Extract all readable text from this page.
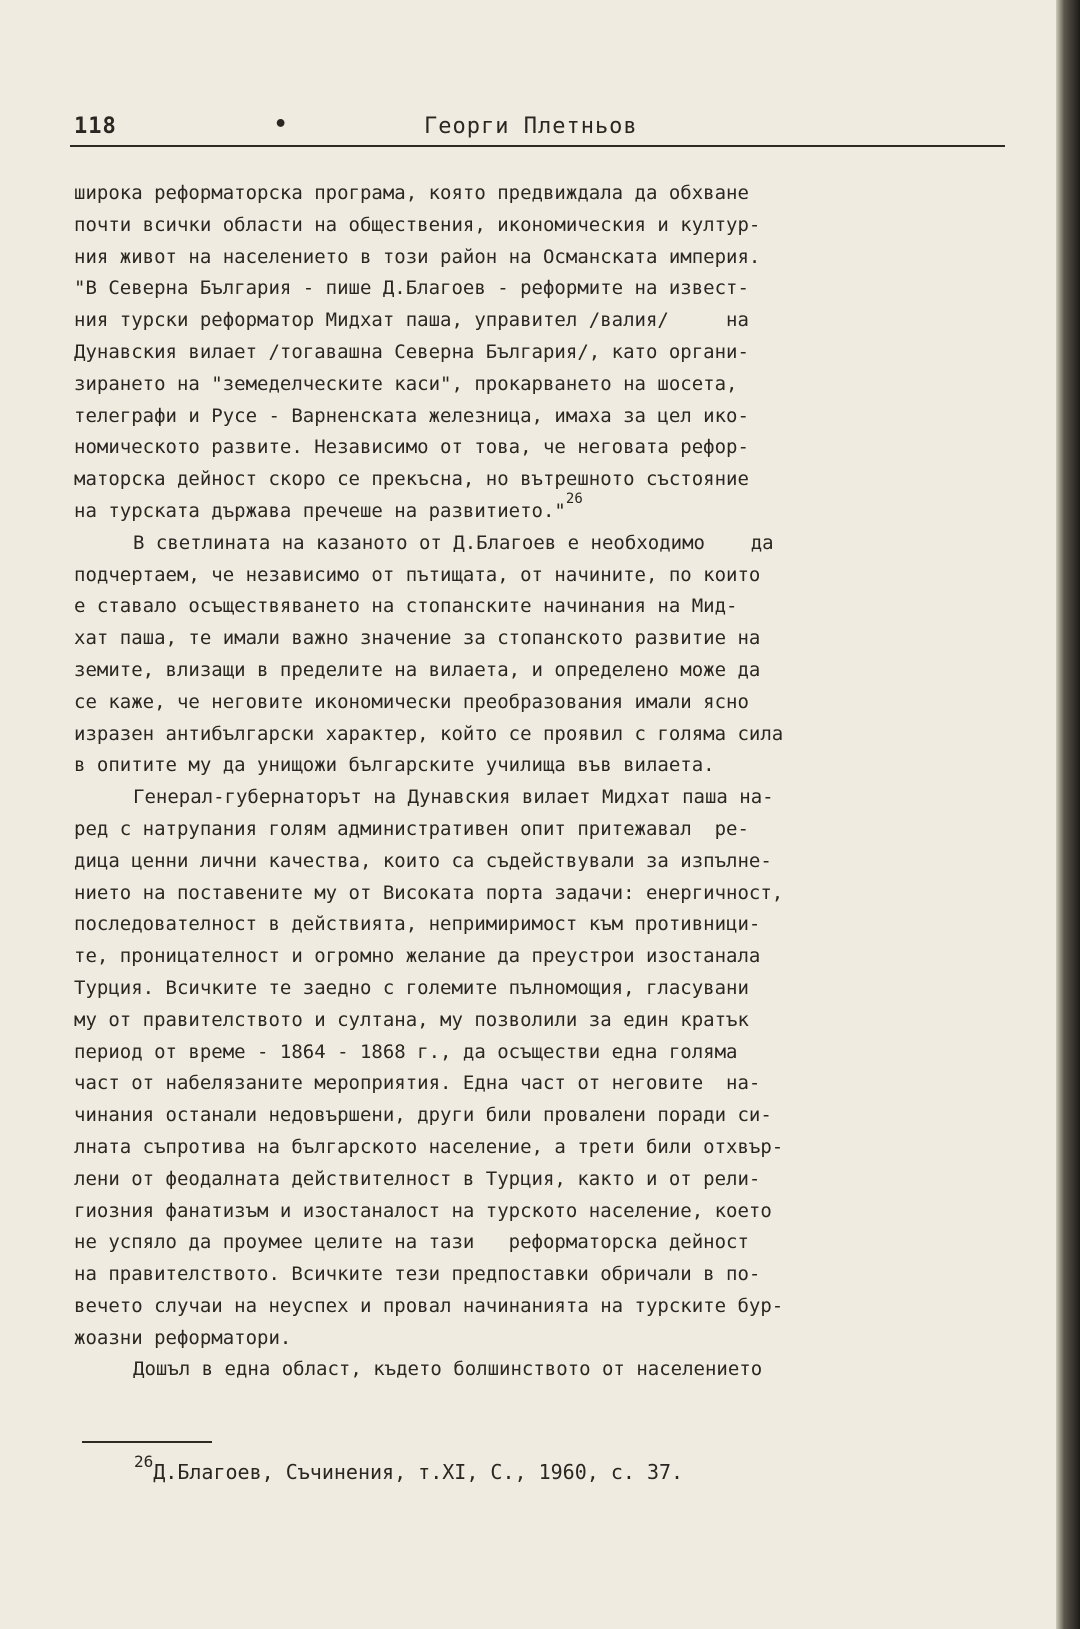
118	•	Георги Плетньов
широка реформаторска програма, която предвиждала да обхване
почти всички области на обществения, икономическия и култур-
ния живот на населението в този район на Османската империя.
"В Северна България - пише Д.Благоев - реформите на извест-
ния турски реформатор Мидхат паша, управител /валия/     на
Дунавския вилает /тогавашна Северна България/, като органи-
зирането на "земеделческите каси", прокарването на шосета,
телеграфи и Русе - Варненската железница, имаха за цел ико-
номическото развите. Независимо от това, че неговата рефор-
маторска дейност скоро се прекъсна, но вътрешното състояние
на турската държава пречеше на развитието."$^{26}$
В светлината на казаното от Д.Благоев е необходимо    да
подчертаем, че независимо от пътищата, от начините, по които
е ставало осъществяването на стопанските начинания на Мид-
хат паша, те имали важно значение за стопанското развитие на
земите, влизащи в пределите на вилаета, и определено може да
се каже, че неговите икономически преобразования имали ясно
изразен антибългарски характер, който се проявил с голяма сила
в опитите му да унищожи българските училища във вилаета.
Генерал-губернаторът на Дунавския вилает Мидхат паша на-
ред с натрупания голям административен опит притежавал  ре-
дица ценни лични качества, които са съдействували за изпълне-
нието на поставените му от Високата порта задачи: енергичност,
последователност в действията, непримиримост към противници-
те, проницателност и огромно желание да преустрои изостанала
Турция. Всичките те заедно с големите пълномощия, гласувани
му от правителството и султана, му позволили за един кратък
период от време - 1864 - 1868 г., да осъществи една голяма
част от набелязаните мероприятия. Една част от неговите  на-
чинания останали недовършени, други били провалени поради си-
лната съпротива на българското население, а трети били отхвър-
лени от феодалната действителност в Турция, както и от рели-
гиозния фанатизъм и изостаналост на турското население, което
не успяло да проумее целите на тази   реформаторска дейност
на правителството. Всичките тези предпоставки обричали в по-
вечето случаи на неуспех и провал начинанията на турските бур-
жоазни реформатори.
Дошъл в една област, където болшинството от населението
$^{26}$Д.Благоев, Съчинения, т.XI, С., 1960, с. 37.
